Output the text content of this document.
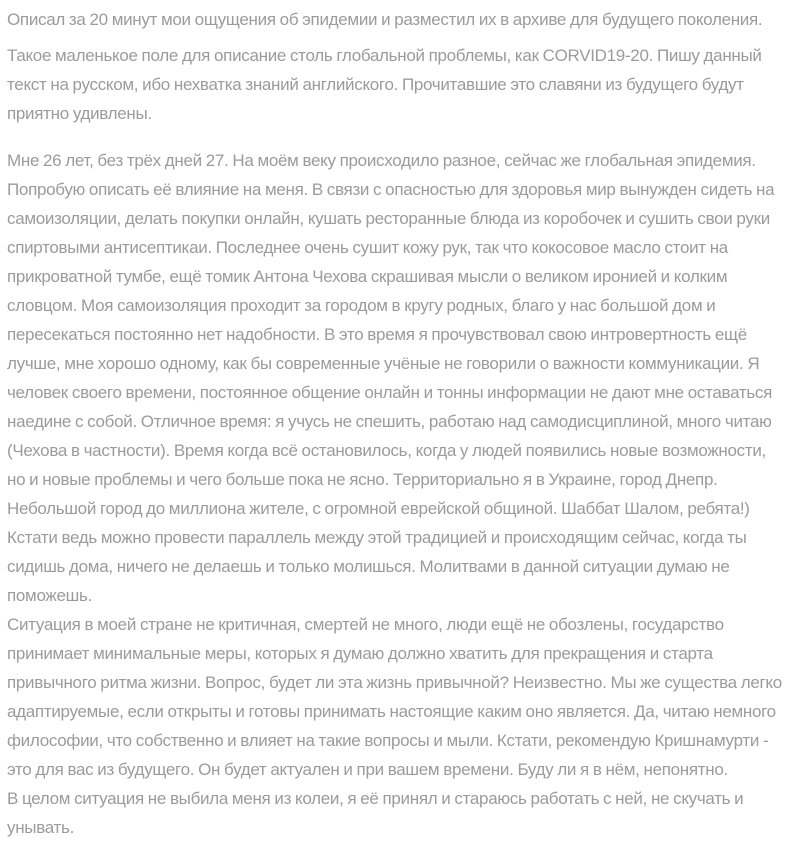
Описал за 20 минут мои ощущения об эпидемии и разместил их в архиве для будущего поколения.

Такое маленькое поле для описание столь глобальной проблемы, как CORVID19-20. Пишу данный текст на русском, ибо нехватка знаний английского. Прочитавшие это славяни из будущего будут приятно удивлены.

Мне 26 лет, без трёх дней 27. На моём веку происходило разное, сейчас же глобальная эпидемия. Попробую описать её влияние на меня. В связи с опасностью для здоровья мир вынужден сидеть на самоизоляции, делать покупки онлайн, кушать ресторанные блюда из коробочек и сушить свои руки спиртовыми антисептикаи. Последнее очень сушит кожу рук, так что кокосовое масло стоит на прикроватной тумбе, ещё томик Антона Чехова скрашивая мысли о великом иронией и колким словцом. Моя самоизоляция проходит за городом в кругу родных, благо у нас большой дом и пересекаться постоянно нет надобности. В это время я прочувствовал свою интровертность ещё лучше, мне хорошо одному, как бы современные учёные не говорили о важности коммуникации. Я человек своего времени, постоянное общение онлайн и тонны информации не дают мне оставаться наедине с собой. Отличное время: я учусь не спешить, работаю над самодисциплиной, много читаю (Чехова в частности). Время когда всё остановилось, когда у людей появились новые возможности, но и новые проблемы и чего больше пока не ясно. Территориально я в Украине, город Днепр. Небольшой город до миллиона жителе, с огромной еврейской общиной. Шаббат Шалом, ребята!) Кстати ведь можно провести параллель между этой традицией и происходящим сейчас, когда ты сидишь дома, ничего не делаешь и только молишься. Молитвами в данной ситуации думаю не поможешь.

Ситуация в моей стране не критичная, смертей не много, люди ещё не обозлены, государство принимает минимальные меры, которых я думаю должно хватить для прекращения и старта привычного ритма жизни. Вопрос, будет ли эта жизнь привычной? Неизвестно. Мы же существа легко адаптируемые, если открыты и готовы принимать настоящие каким оно является. Да, читаю немного философии, что собственно и влияет на такие вопросы и мыли. Кстати, рекомендую Кришнамурти - это для вас из будущего. Он будет актуален и при вашем времени. Буду ли я в нём, непонятно.

В целом ситуация не выбила меня из колеи, я её принял и стараюсь работать с ней, не скучать и унывать.
